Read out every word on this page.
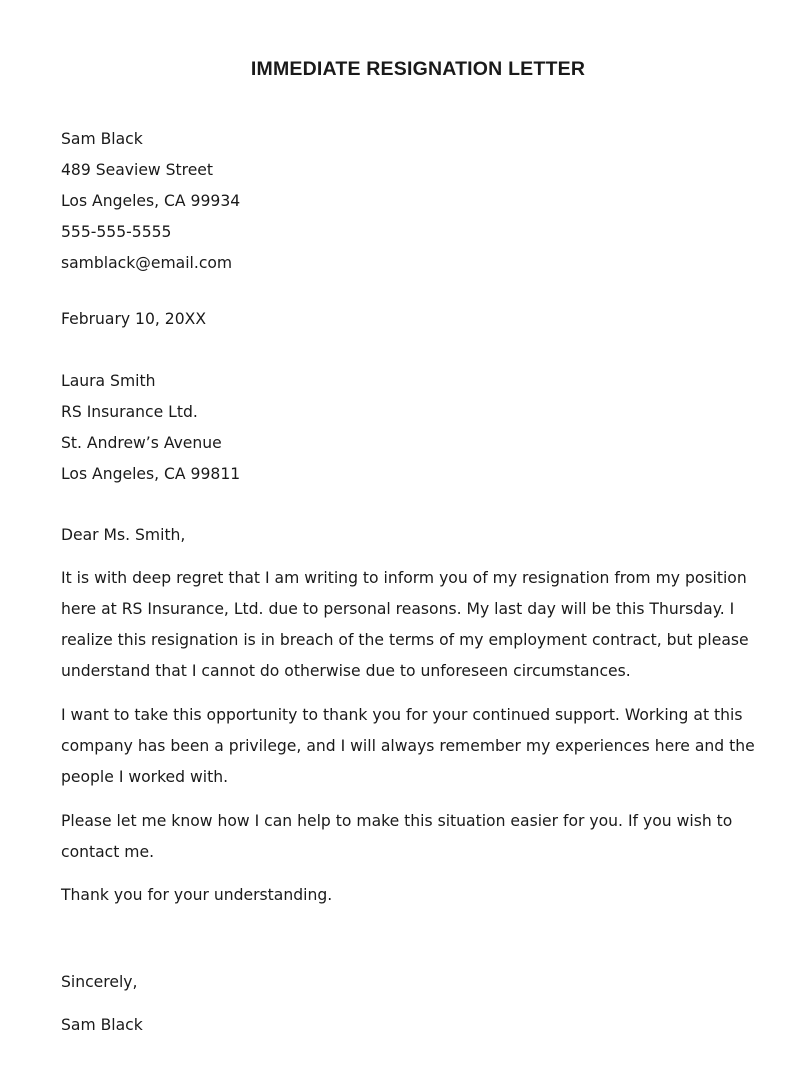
IMMEDIATE RESIGNATION LETTER
Sam Black
489 Seaview Street
Los Angeles, CA 99934
555-555-5555
samblack@email.com
February 10, 20XX
Laura Smith
RS Insurance Ltd.
St. Andrew’s Avenue
Los Angeles, CA 99811
Dear Ms. Smith,
It is with deep regret that I am writing to inform you of my resignation from my position
here at RS Insurance, Ltd. due to personal reasons. My last day will be this Thursday. I
realize this resignation is in breach of the terms of my employment contract, but please
understand that I cannot do otherwise due to unforeseen circumstances.
I want to take this opportunity to thank you for your continued support. Working at this
company has been a privilege, and I will always remember my experiences here and the
people I worked with.
Please let me know how I can help to make this situation easier for you. If you wish to
contact me.
Thank you for your understanding.
Sincerely,
Sam Black
